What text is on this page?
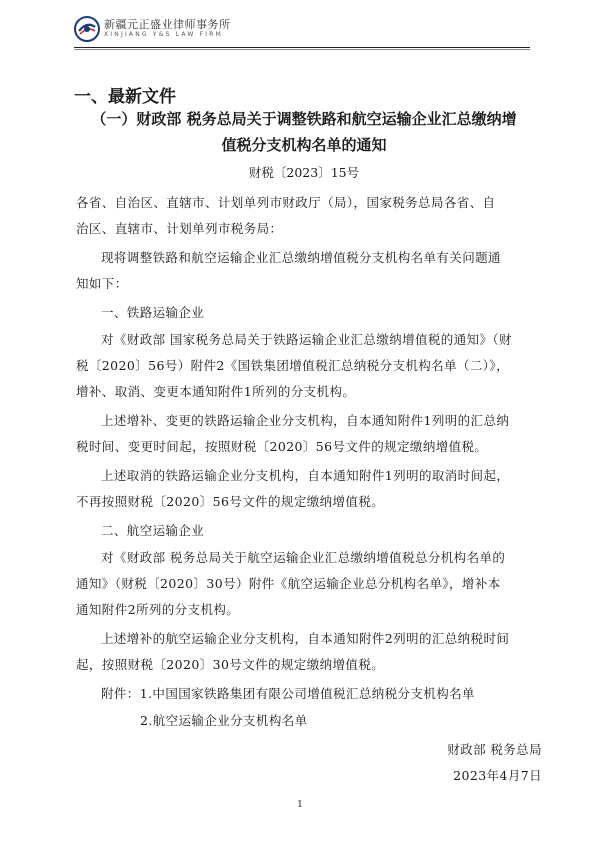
新疆元正盛业律师事务所
XINJIANG Y&S LAW FIRM
一、最新文件
（一）财政部 税务总局关于调整铁路和航空运输企业汇总缴纳增
值税分支机构名单的通知
财税〔2023〕15号
各省、自治区、直辖市、计划单列市财政厅（局），国家税务总局各省、自
治区、直辖市、计划单列市税务局：
现将调整铁路和航空运输企业汇总缴纳增值税分支机构名单有关问题通
知如下：
一、铁路运输企业
对《财政部 国家税务总局关于铁路运输企业汇总缴纳增值税的通知》（财
税〔2020〕56号）附件2《国铁集团增值税汇总纳税分支机构名单（二）》，
增补、取消、变更本通知附件1所列的分支机构。
上述增补、变更的铁路运输企业分支机构，自本通知附件1列明的汇总纳
税时间、变更时间起，按照财税〔2020〕56号文件的规定缴纳增值税。
上述取消的铁路运输企业分支机构，自本通知附件1列明的取消时间起，
不再按照财税〔2020〕56号文件的规定缴纳增值税。
二、航空运输企业
对《财政部 税务总局关于航空运输企业汇总缴纳增值税总分机构名单的
通知》（财税〔2020〕30号）附件《航空运输企业总分机构名单》，增补本
通知附件2所列的分支机构。
上述增补的航空运输企业分支机构，自本通知附件2列明的汇总纳税时间
起，按照财税〔2020〕30号文件的规定缴纳增值税。
附件：1.中国国家铁路集团有限公司增值税汇总纳税分支机构名单
2.航空运输企业分支机构名单
财政部 税务总局
2023年4月7日
1
